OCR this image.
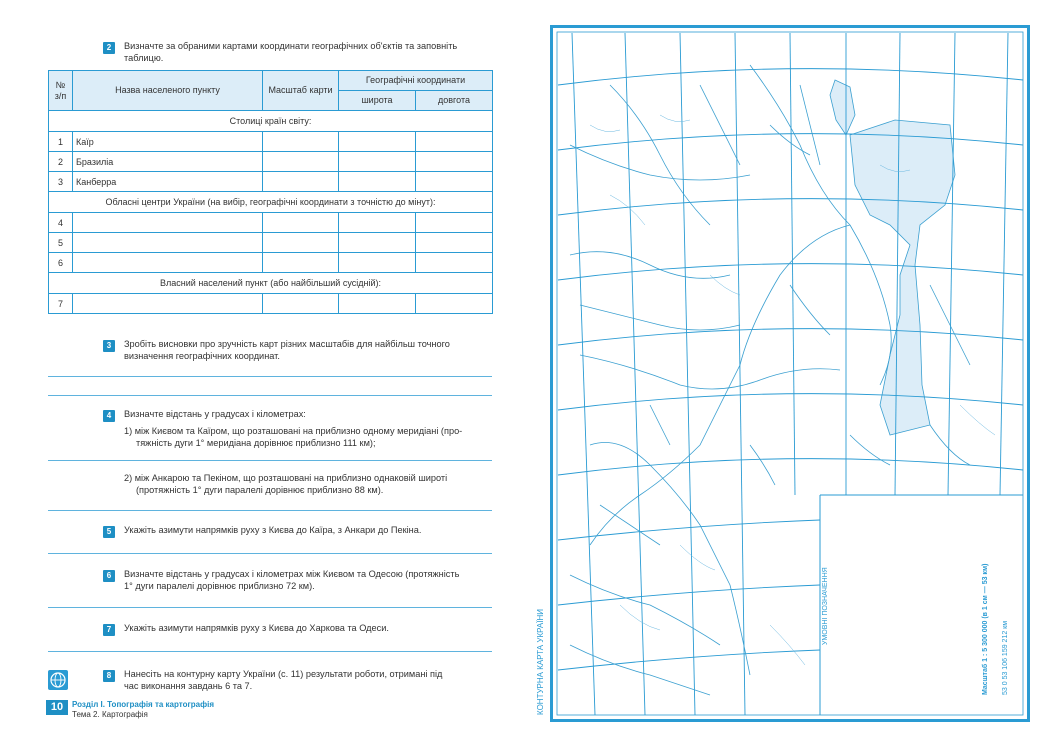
2	Визначте за обраними картами координати географічних об'єктів та заповніть
таблицю.
№ з/п	Назва населеного пункту	Масштаб карти	Географічні координати	
			широта	довгота
Столиці країн світу:				
1	Каїр			
2	Бразиліа			
3	Канберра			
Обласні центри України (на вибір, географічні координати з точністю до мінут):				
4				
5				
6				
Власний населений пункт (або найбільший сусідній):				
7				
3	Зробіть висновки про зручність карт різних масштабів для найбільш точного
визначення географічних координат.
4	Визначте відстань у градусах і кілометрах:
1) між Києвом та Каїром, що розташовані на приблизно одному меридіані (про-
тяжність дуги 1° меридіана дорівнює приблизно 111 км);
2) між Анкарою та Пекіном, що розташовані на приблизно однаковій широті
(протяжність 1° дуги паралелі дорівнює приблизно 88 км).
5	Укажіть азимути напрямків руху з Києва до Каїра, з Анкари до Пекіна.
6	Визначте відстань у градусах і кілометрах між Києвом та Одесою (протяжність
1° дуги паралелі дорівнює приблизно 72 км).
7	Укажіть азимути напрямків руху з Києва до Харкова та Одеси.
8	Нанесіть на контурну карту України (с. 11) результати роботи, отримані під
час виконання завдань 6 та 7.
10	Розділ I. Топографія та картографія
Тема 2. Картографія	КОНТУРНА КАРТА УКРАЇНИ
УМОВНІ ПОЗНАЧЕННЯ	Масштаб 1 : 5 300 000 (в 1 см — 53 км) 53 0 53 106 159 212 км
